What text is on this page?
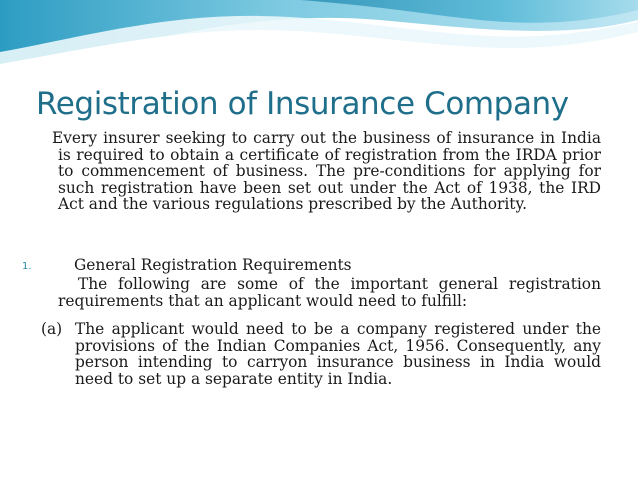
Registration of Insurance Company

Every insurer seeking to carry out the business of insurance in India is required to obtain a certificate of registration from the IRDA prior to commencement of business. The pre-conditions for applying for such registration have been set out under the Act of 1938, the IRD Act and the various regulations prescribed by the Authority.

1.	General Registration Requirements

The following are some of the important general registration requirements that an applicant would need to fulfill:

(a) The applicant would need to be a company registered under the provisions of the Indian Companies Act, 1956. Consequently, any person intending to carryon insurance business in India would need to set up a separate entity in India.
